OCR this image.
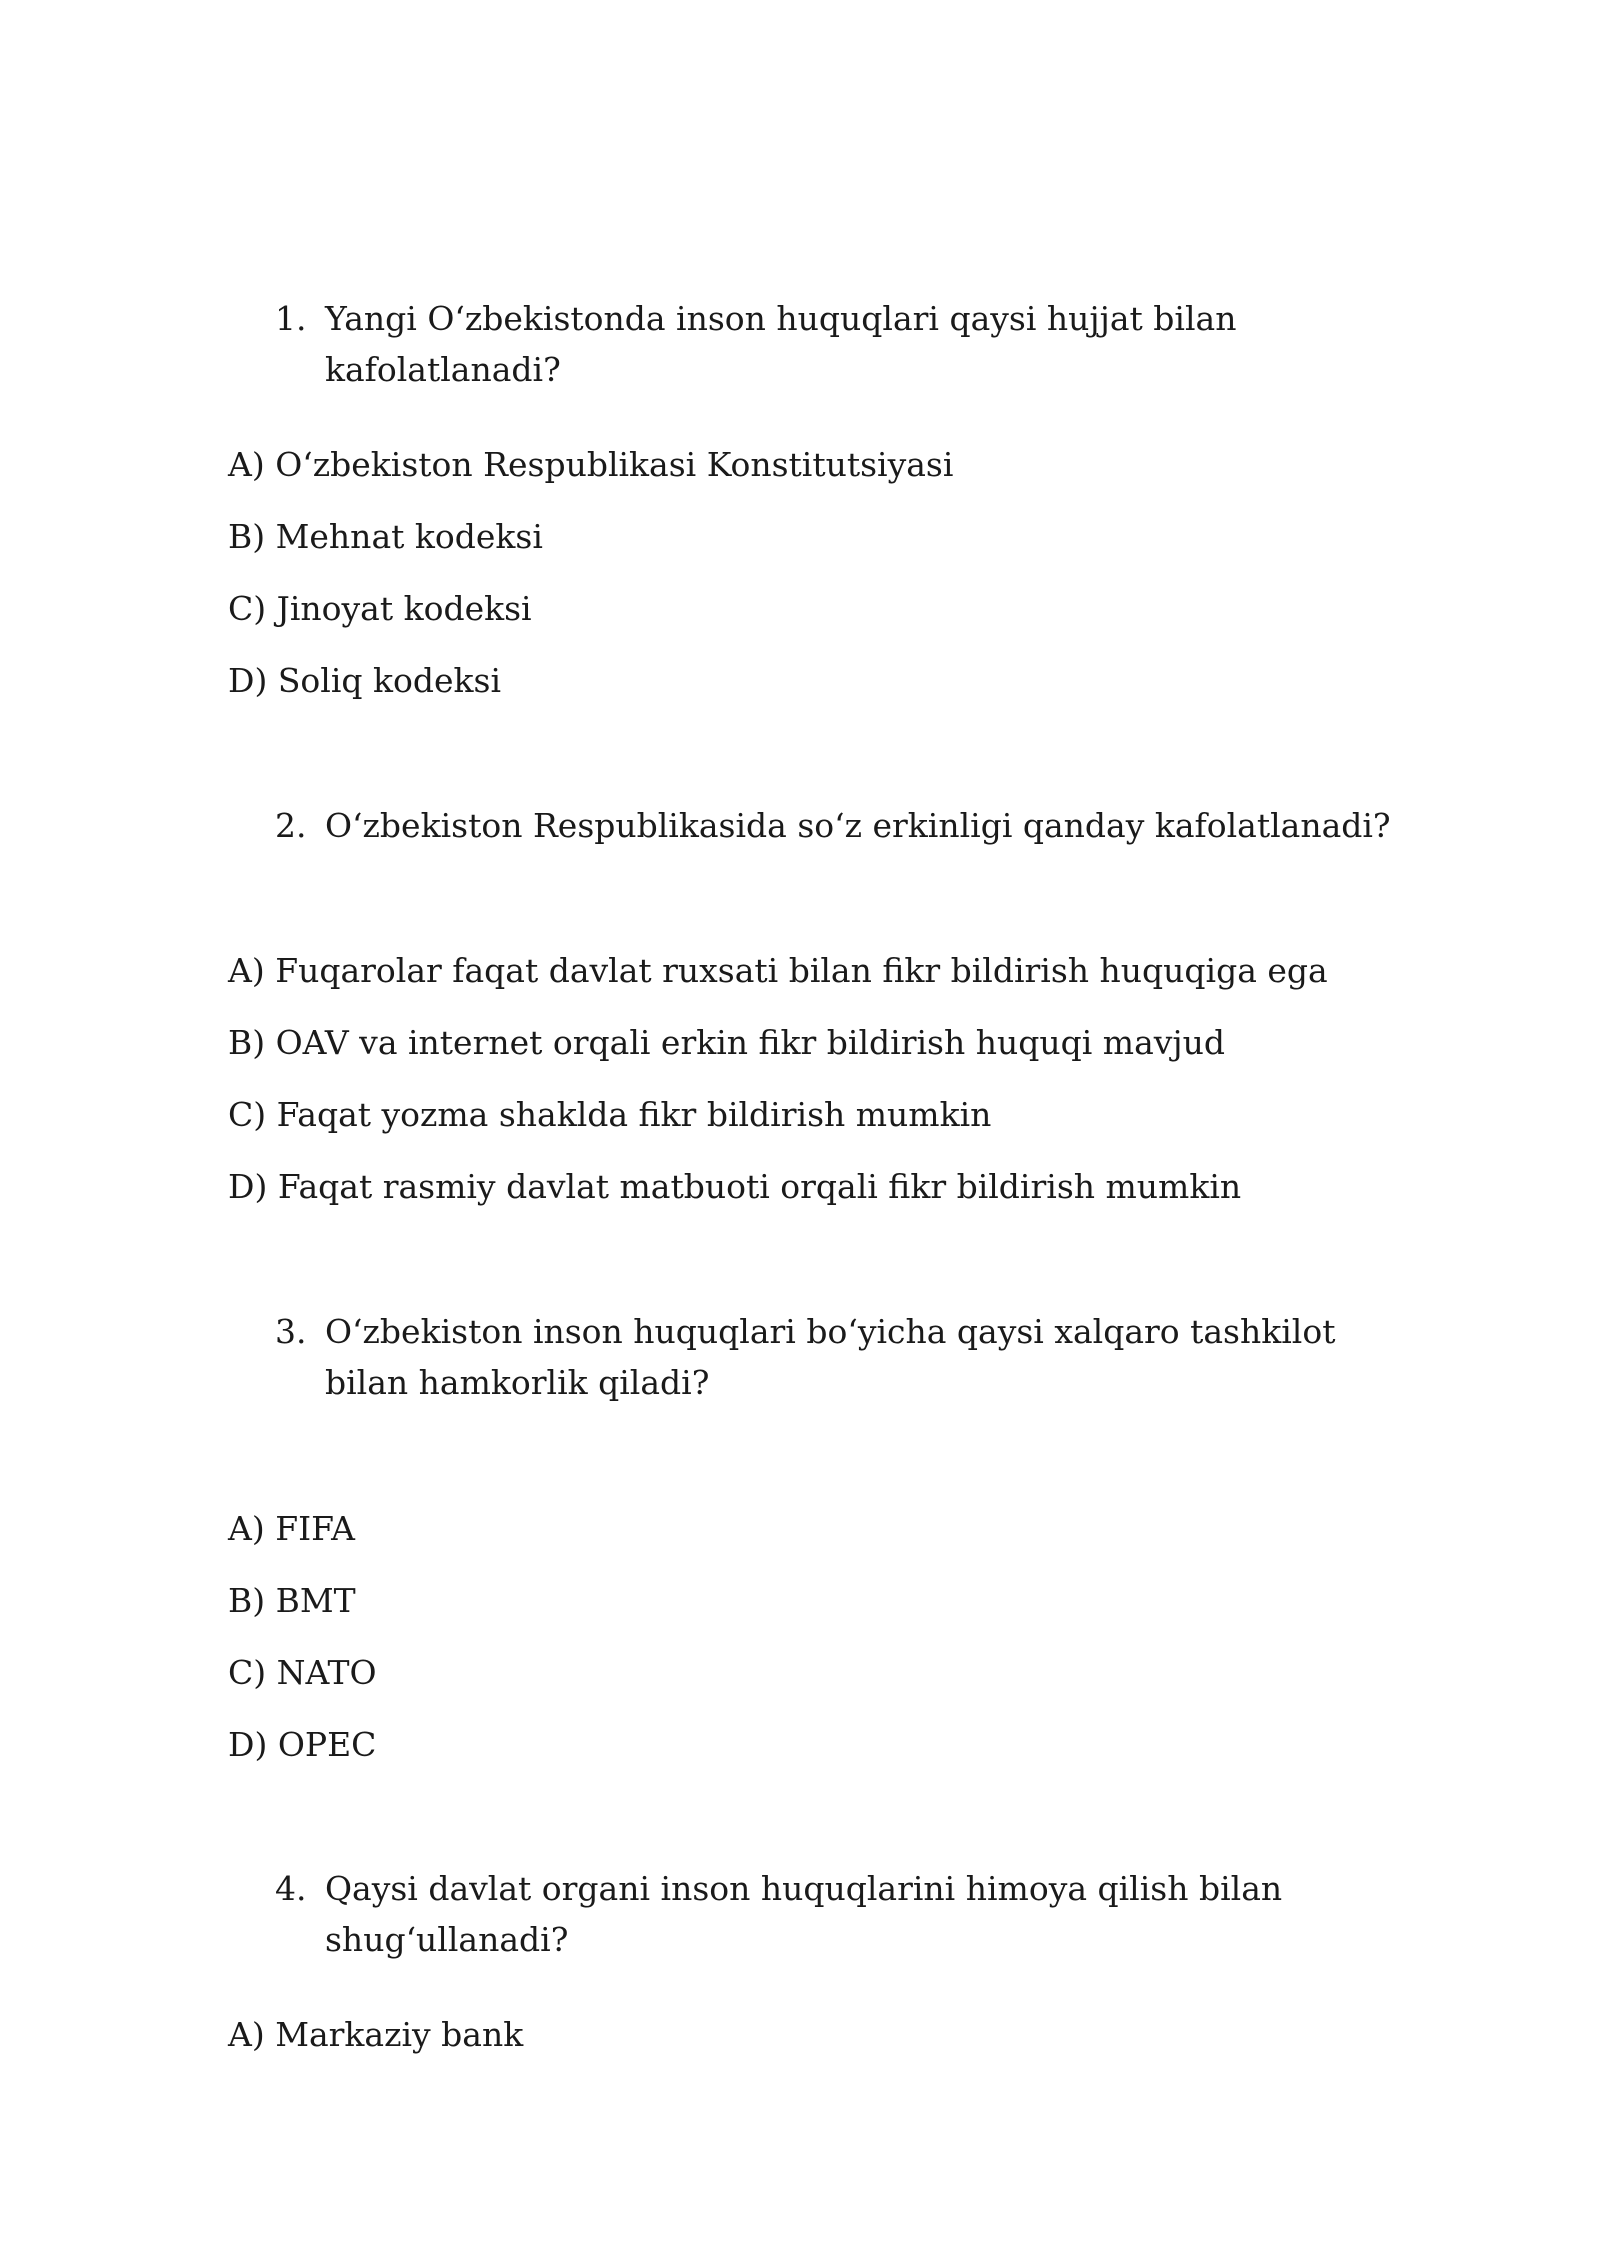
1. Yangi O‘zbekistonda inson huquqlari qaysi hujjat bilan kafolatlanadi?
A) O‘zbekiston Respublikasi Konstitutsiyasi
B) Mehnat kodeksi
C) Jinoyat kodeksi
D) Soliq kodeksi
2. O‘zbekiston Respublikasida so‘z erkinligi qanday kafolatlanadi?
A) Fuqarolar faqat davlat ruxsati bilan fikr bildirish huquqiga ega
B) OAV va internet orqali erkin fikr bildirish huquqi mavjud
C) Faqat yozma shaklda fikr bildirish mumkin
D) Faqat rasmiy davlat matbuoti orqali fikr bildirish mumkin
3. O‘zbekiston inson huquqlari bo‘yicha qaysi xalqaro tashkilot bilan hamkorlik qiladi?
A) FIFA
B) BMT
C) NATO
D) OPEC
4. Qaysi davlat organi inson huquqlarini himoya qilish bilan shug‘ullanadi?
A) Markaziy bank
